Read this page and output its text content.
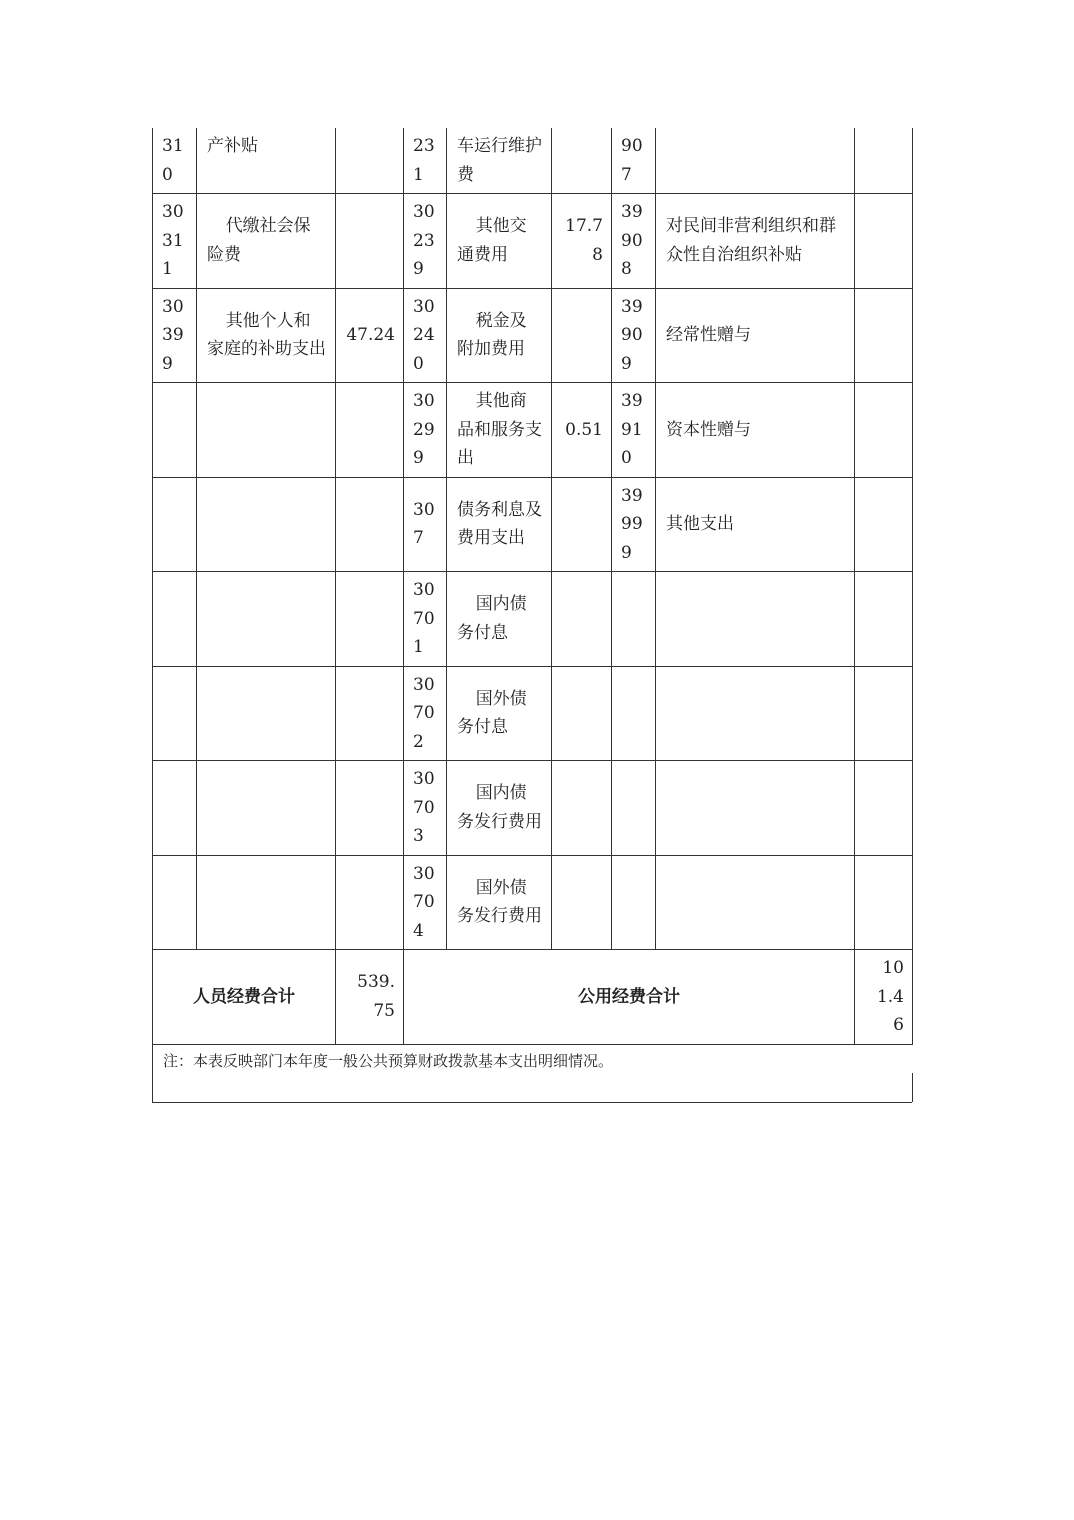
310	产补贴		231	车运行维护费		907		
30311	代缴社会保险费		30239	其他交通费用	17.78	39908	对民间非营利组织和群众性自治组织补贴	
30399	其他个人和家庭的补助支出	47.24	30240	税金及附加费用		39909	经常性赠与	
			30299	其他商品和服务支出	0.51	39910	资本性赠与	
			307	债务利息及费用支出		39999	其他支出	
			30701	国内债务付息				

			30702	国外债务付息				

			30703	国内债务发行费用				

			30704	国外债务发行费用				

人员经费合计		539.75	公用经费合计					101.46
注：本表反映部门本年度一般公共预算财政拨款基本支出明细情况。
